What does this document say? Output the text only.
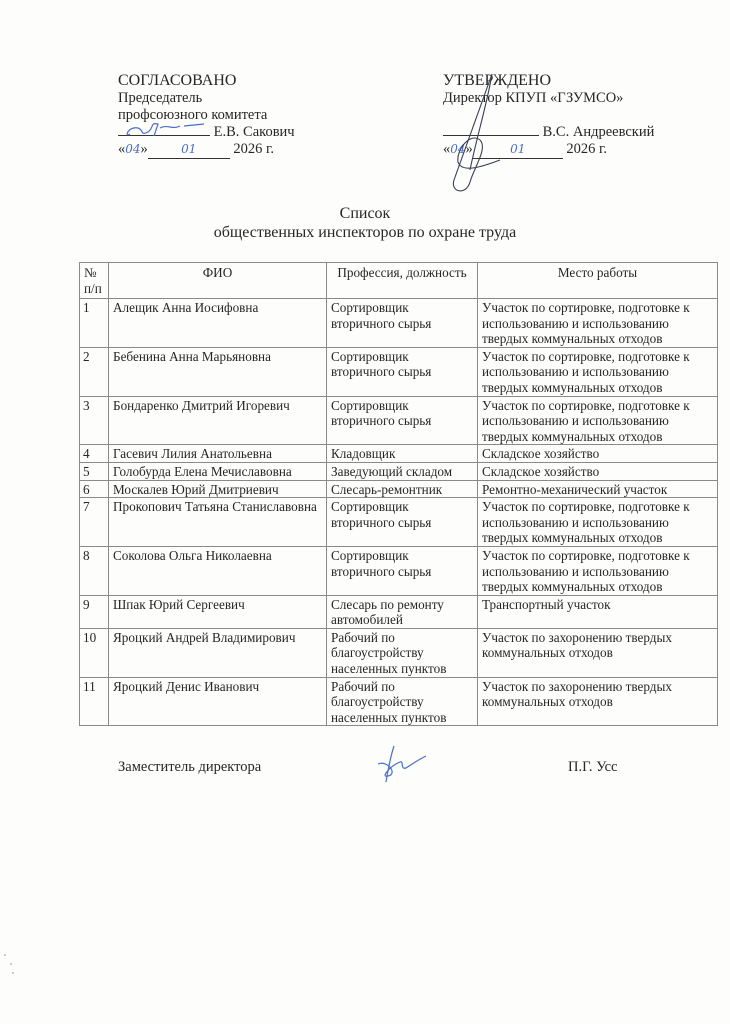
СОГЛАСОВАНО
Председатель
профсоюзного комитета
Е.В. Сакович
«04»	01	2026 г.
УТВЕРЖДЕНО
Директор КПУП «ГЗУМСО»
В.С. Андреевский
«04»	01	2026 г.
Список
общественных инспекторов по охране труда
№ п/п	ФИО	Профессия, должность	Место работы
1	Алещик Анна Иосифовна	Сортировщик вторичного сырья	Участок по сортировке, подготовке к использованию и использованию твердых коммунальных отходов
2	Бебенина Анна Марьяновна	Сортировщик вторичного сырья	Участок по сортировке, подготовке к использованию и использованию твердых коммунальных отходов
3	Бондаренко Дмитрий Игоревич	Сортировщик вторичного сырья	Участок по сортировке, подготовке к использованию и использованию твердых коммунальных отходов
4	Гасевич Лилия Анатольевна	Кладовщик	Складское хозяйство
5	Голобурда Елена Мечиславовна	Заведующий складом	Складское хозяйство
6	Москалев Юрий Дмитриевич	Слесарь-ремонтник	Ремонтно-механический участок
7	Прокопович Татьяна Станиславовна	Сортировщик вторичного сырья	Участок по сортировке, подготовке к использованию и использованию твердых коммунальных отходов
8	Соколова Ольга Николаевна	Сортировщик вторичного сырья	Участок по сортировке, подготовке к использованию и использованию твердых коммунальных отходов
9	Шпак Юрий Сергеевич	Слесарь по ремонту автомобилей	Транспортный участок
10	Яроцкий Андрей Владимирович	Рабочий по благоустройству населенных пунктов	Участок по захоронению твердых коммунальных отходов
11	Яроцкий Денис Иванович	Рабочий по благоустройству населенных пунктов	Участок по захоронению твердых коммунальных отходов
Заместитель директора	П.Г. Усс
